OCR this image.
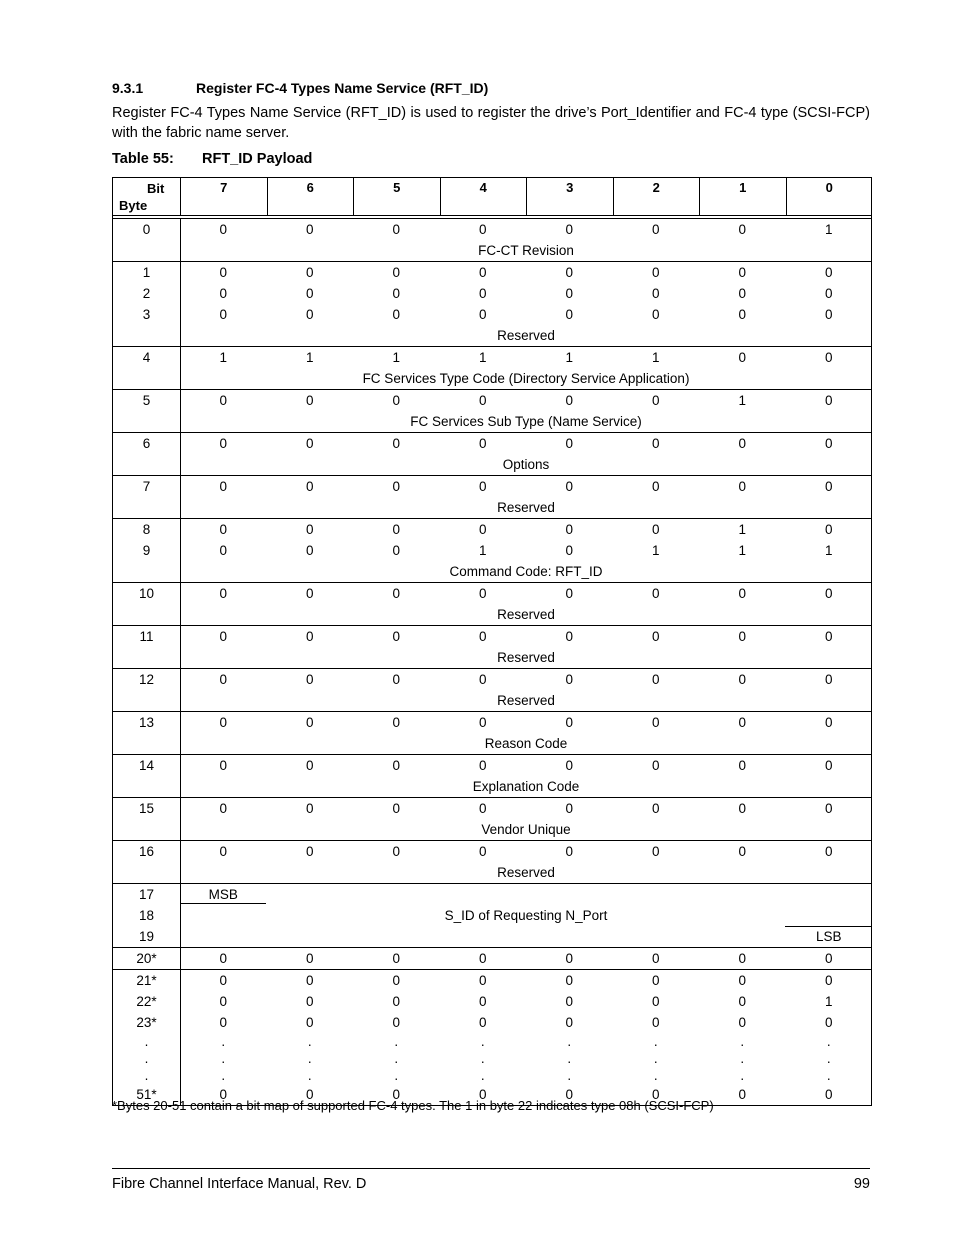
9.3.1	Register FC-4 Types Name Service (RFT_ID)
Register FC-4 Types Name Service (RFT_ID) is used to register the drive’s Port_Identifier and FC-4 type (SCSI-FCP) with the fabric name server.
Table 55: RFT_ID Payload
Bit
Byte
7	6	5	4	3	2	1	0
0	0	0	0	0	0	0	0	1
FC-CT Revision
1	0	0	0	0	0	0	0	0
2	0	0	0	0	0	0	0	0
3	0	0	0	0	0	0	0	0
Reserved
4	1	1	1	1	1	1	0	0
FC Services Type Code (Directory Service Application)
5	0	0	0	0	0	0	1	0
FC Services Sub Type (Name Service)
6	0	0	0	0	0	0	0	0
Options
7	0	0	0	0	0	0	0	0
Reserved
8	0	0	0	0	0	0	1	0
9	0	0	0	1	0	1	1	1
Command Code: RFT_ID
10	0	0	0	0	0	0	0	0
Reserved
11	0	0	0	0	0	0	0	0
Reserved
12	0	0	0	0	0	0	0	0
Reserved
13	0	0	0	0	0	0	0	0
Reason Code
14	0	0	0	0	0	0	0	0
Explanation Code
15	0	0	0	0	0	0	0	0
Vendor Unique
16	0	0	0	0	0	0	0	0
Reserved
17	MSB
18	S_ID of Requesting N_Port
19	LSB
20*	0	0	0	0	0	0	0	0
21*	0	0	0	0	0	0	0	0
22*	0	0	0	0	0	0	0	1
23*	0	0	0	0	0	0	0	0
.	.	.	.	.	.	.	.	.
.	.	.	.	.	.	.	.	.
.	.	.	.	.	.	.	.	.
51*	0	0	0	0	0	0	0	0
*Bytes 20-51 contain a bit map of supported FC-4 types. The 1 in byte 22 indicates type 08h (SCSI-FCP)
Fibre Channel Interface Manual, Rev. D	99
